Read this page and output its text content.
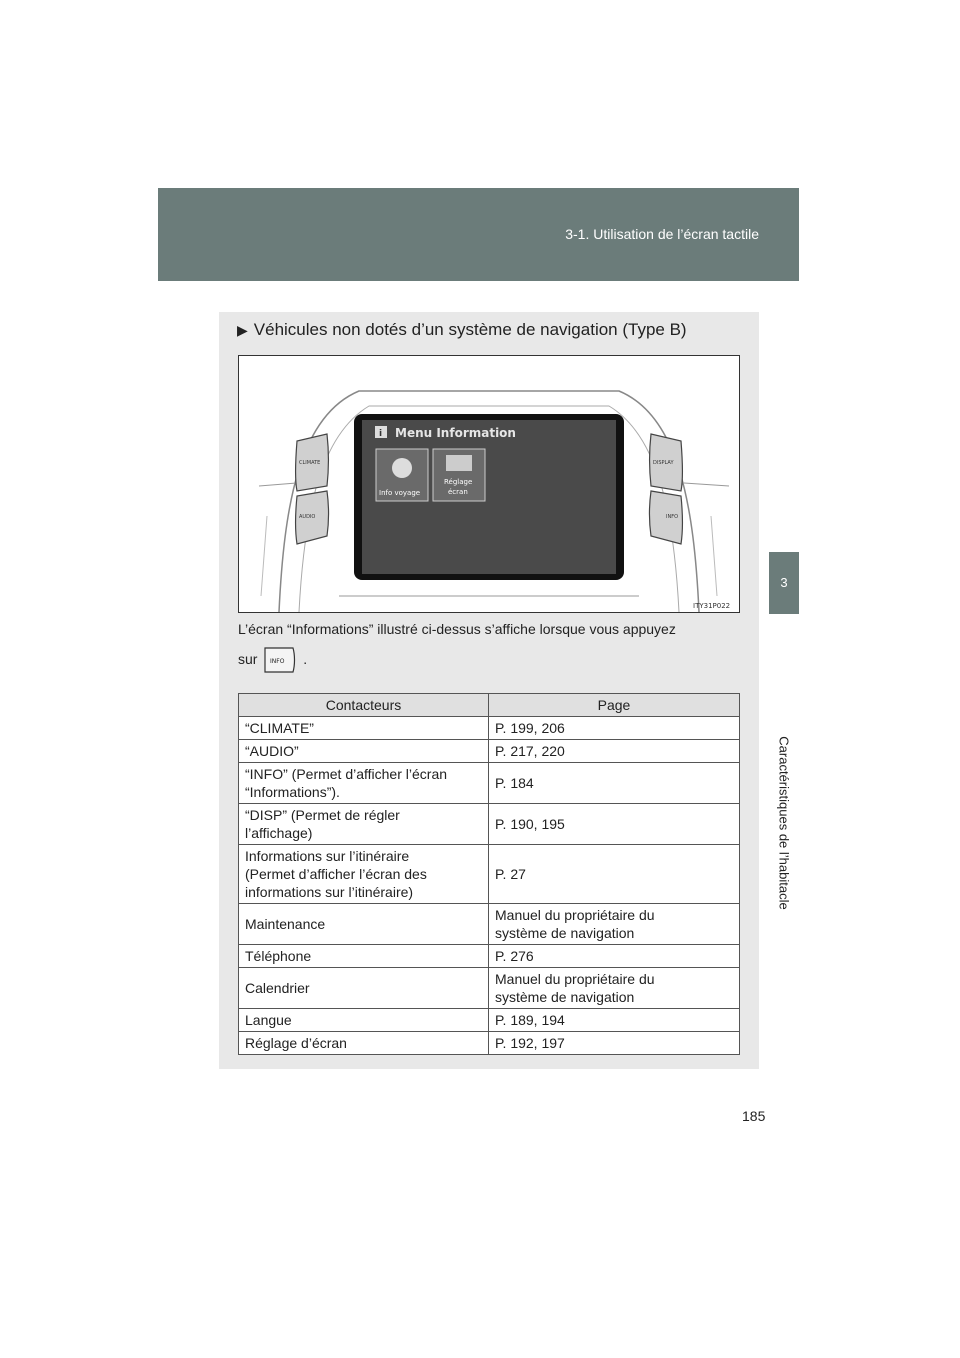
3-1. Utilisation de l’écran tactile
3
Caractéristiques de l’habitacle
▶ Véhicules non dotés d’un système de navigation (Type B)
CLIMATE
AUDIO
DISPLAY
INFO
i Menu Information
Info voyage
Réglage
écran
ITY31P022
L’écran “Informations” illustré ci-dessus s’affiche lorsque vous appuyez
sur INFO .
Contacteurs	Page
“CLIMATE”	P. 199, 206
“AUDIO”	P. 217, 220
“INFO” (Permet d’afficher l’écran
“Informations”).	P. 184
“DISP” (Permet de régler
l’affichage)	P. 190, 195
Informations sur l’itinéraire
(Permet d’afficher l’écran des
informations sur l’itinéraire)	P. 27
Maintenance	Manuel du propriétaire du
système de navigation
Téléphone	P. 276
Calendrier	Manuel du propriétaire du
système de navigation
Langue	P. 189, 194
Réglage d’écran	P. 192, 197
185
